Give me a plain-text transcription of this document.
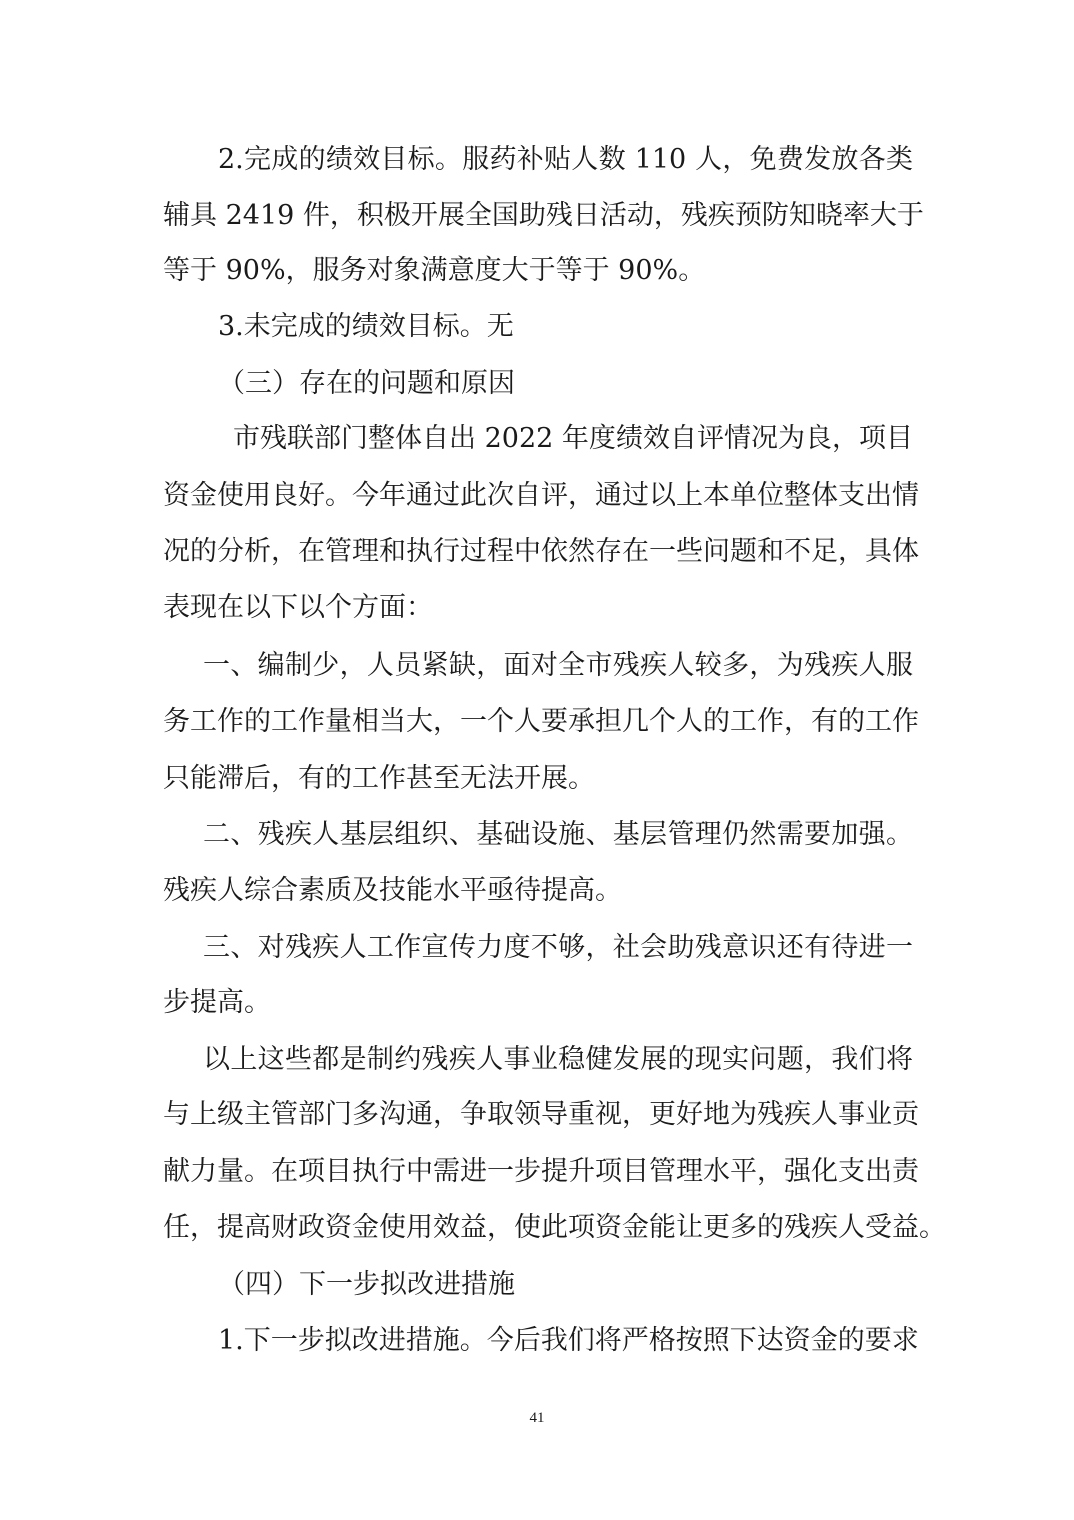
2.完成的绩效目标。服药补贴人数 110 人，免费发放各类
辅具 2419 件，积极开展全国助残日活动，残疾预防知晓率大于
等于 90%，服务对象满意度大于等于 90%。
3.未完成的绩效目标。无
（三）存在的问题和原因
市残联部门整体自出 2022 年度绩效自评情况为良，项目
资金使用良好。今年通过此次自评，通过以上本单位整体支出情
况的分析，在管理和执行过程中依然存在一些问题和不足，具体
表现在以下以个方面：
一、编制少，人员紧缺，面对全市残疾人较多，为残疾人服
务工作的工作量相当大，一个人要承担几个人的工作，有的工作
只能滞后，有的工作甚至无法开展。
二、残疾人基层组织、基础设施、基层管理仍然需要加强。
残疾人综合素质及技能水平亟待提高。
三、对残疾人工作宣传力度不够，社会助残意识还有待进一
步提高。
以上这些都是制约残疾人事业稳健发展的现实问题，我们将
与上级主管部门多沟通，争取领导重视，更好地为残疾人事业贡
献力量。在项目执行中需进一步提升项目管理水平，强化支出责
任，提高财政资金使用效益，使此项资金能让更多的残疾人受益。
（四）下一步拟改进措施
1.下一步拟改进措施。今后我们将严格按照下达资金的要求
41
